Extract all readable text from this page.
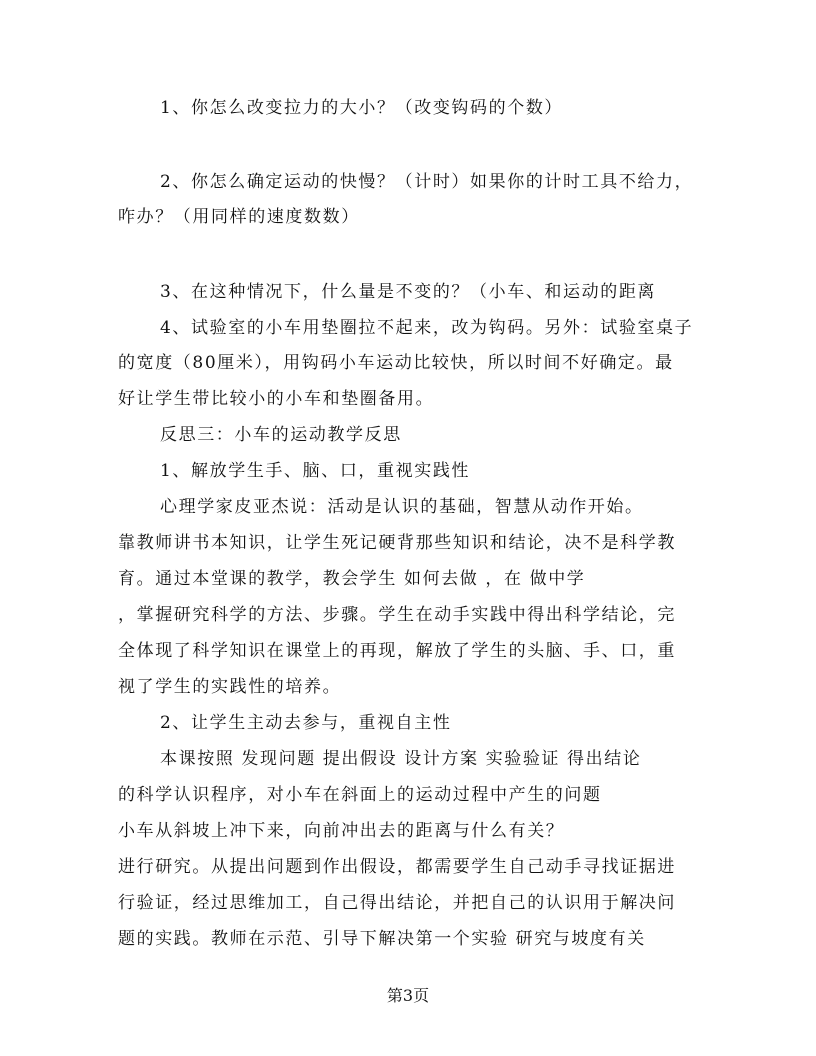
1、你怎么改变拉力的大小？（改变钩码的个数）
2、你怎么确定运动的快慢？（计时）如果你的计时工具不给力，
咋办？（用同样的速度数数）
3、在这种情况下，什么量是不变的？（小车、和运动的距离
4、试验室的小车用垫圈拉不起来，改为钩码。另外：试验室桌子
的宽度（80厘米），用钩码小车运动比较快，所以时间不好确定。最
好让学生带比较小的小车和垫圈备用。
反思三：小车的运动教学反思
1、解放学生手、脑、口，重视实践性
心理学家皮亚杰说：活动是认识的基础，智慧从动作开始。
靠教师讲书本知识，让学生死记硬背那些知识和结论，决不是科学教
育。通过本堂课的教学，教会学生 如何去做 ，在 做中学
，掌握研究科学的方法、步骤。学生在动手实践中得出科学结论，完
全体现了科学知识在课堂上的再现，解放了学生的头脑、手、口，重
视了学生的实践性的培养。
2、让学生主动去参与，重视自主性
本课按照 发现问题 提出假设 设计方案 实验验证 得出结论
的科学认识程序，对小车在斜面上的运动过程中产生的问题
小车从斜坡上冲下来，向前冲出去的距离与什么有关？
进行研究。从提出问题到作出假设，都需要学生自己动手寻找证据进
行验证，经过思维加工，自己得出结论，并把自己的认识用于解决问
题的实践。教师在示范、引导下解决第一个实验 研究与坡度有关
第3页
